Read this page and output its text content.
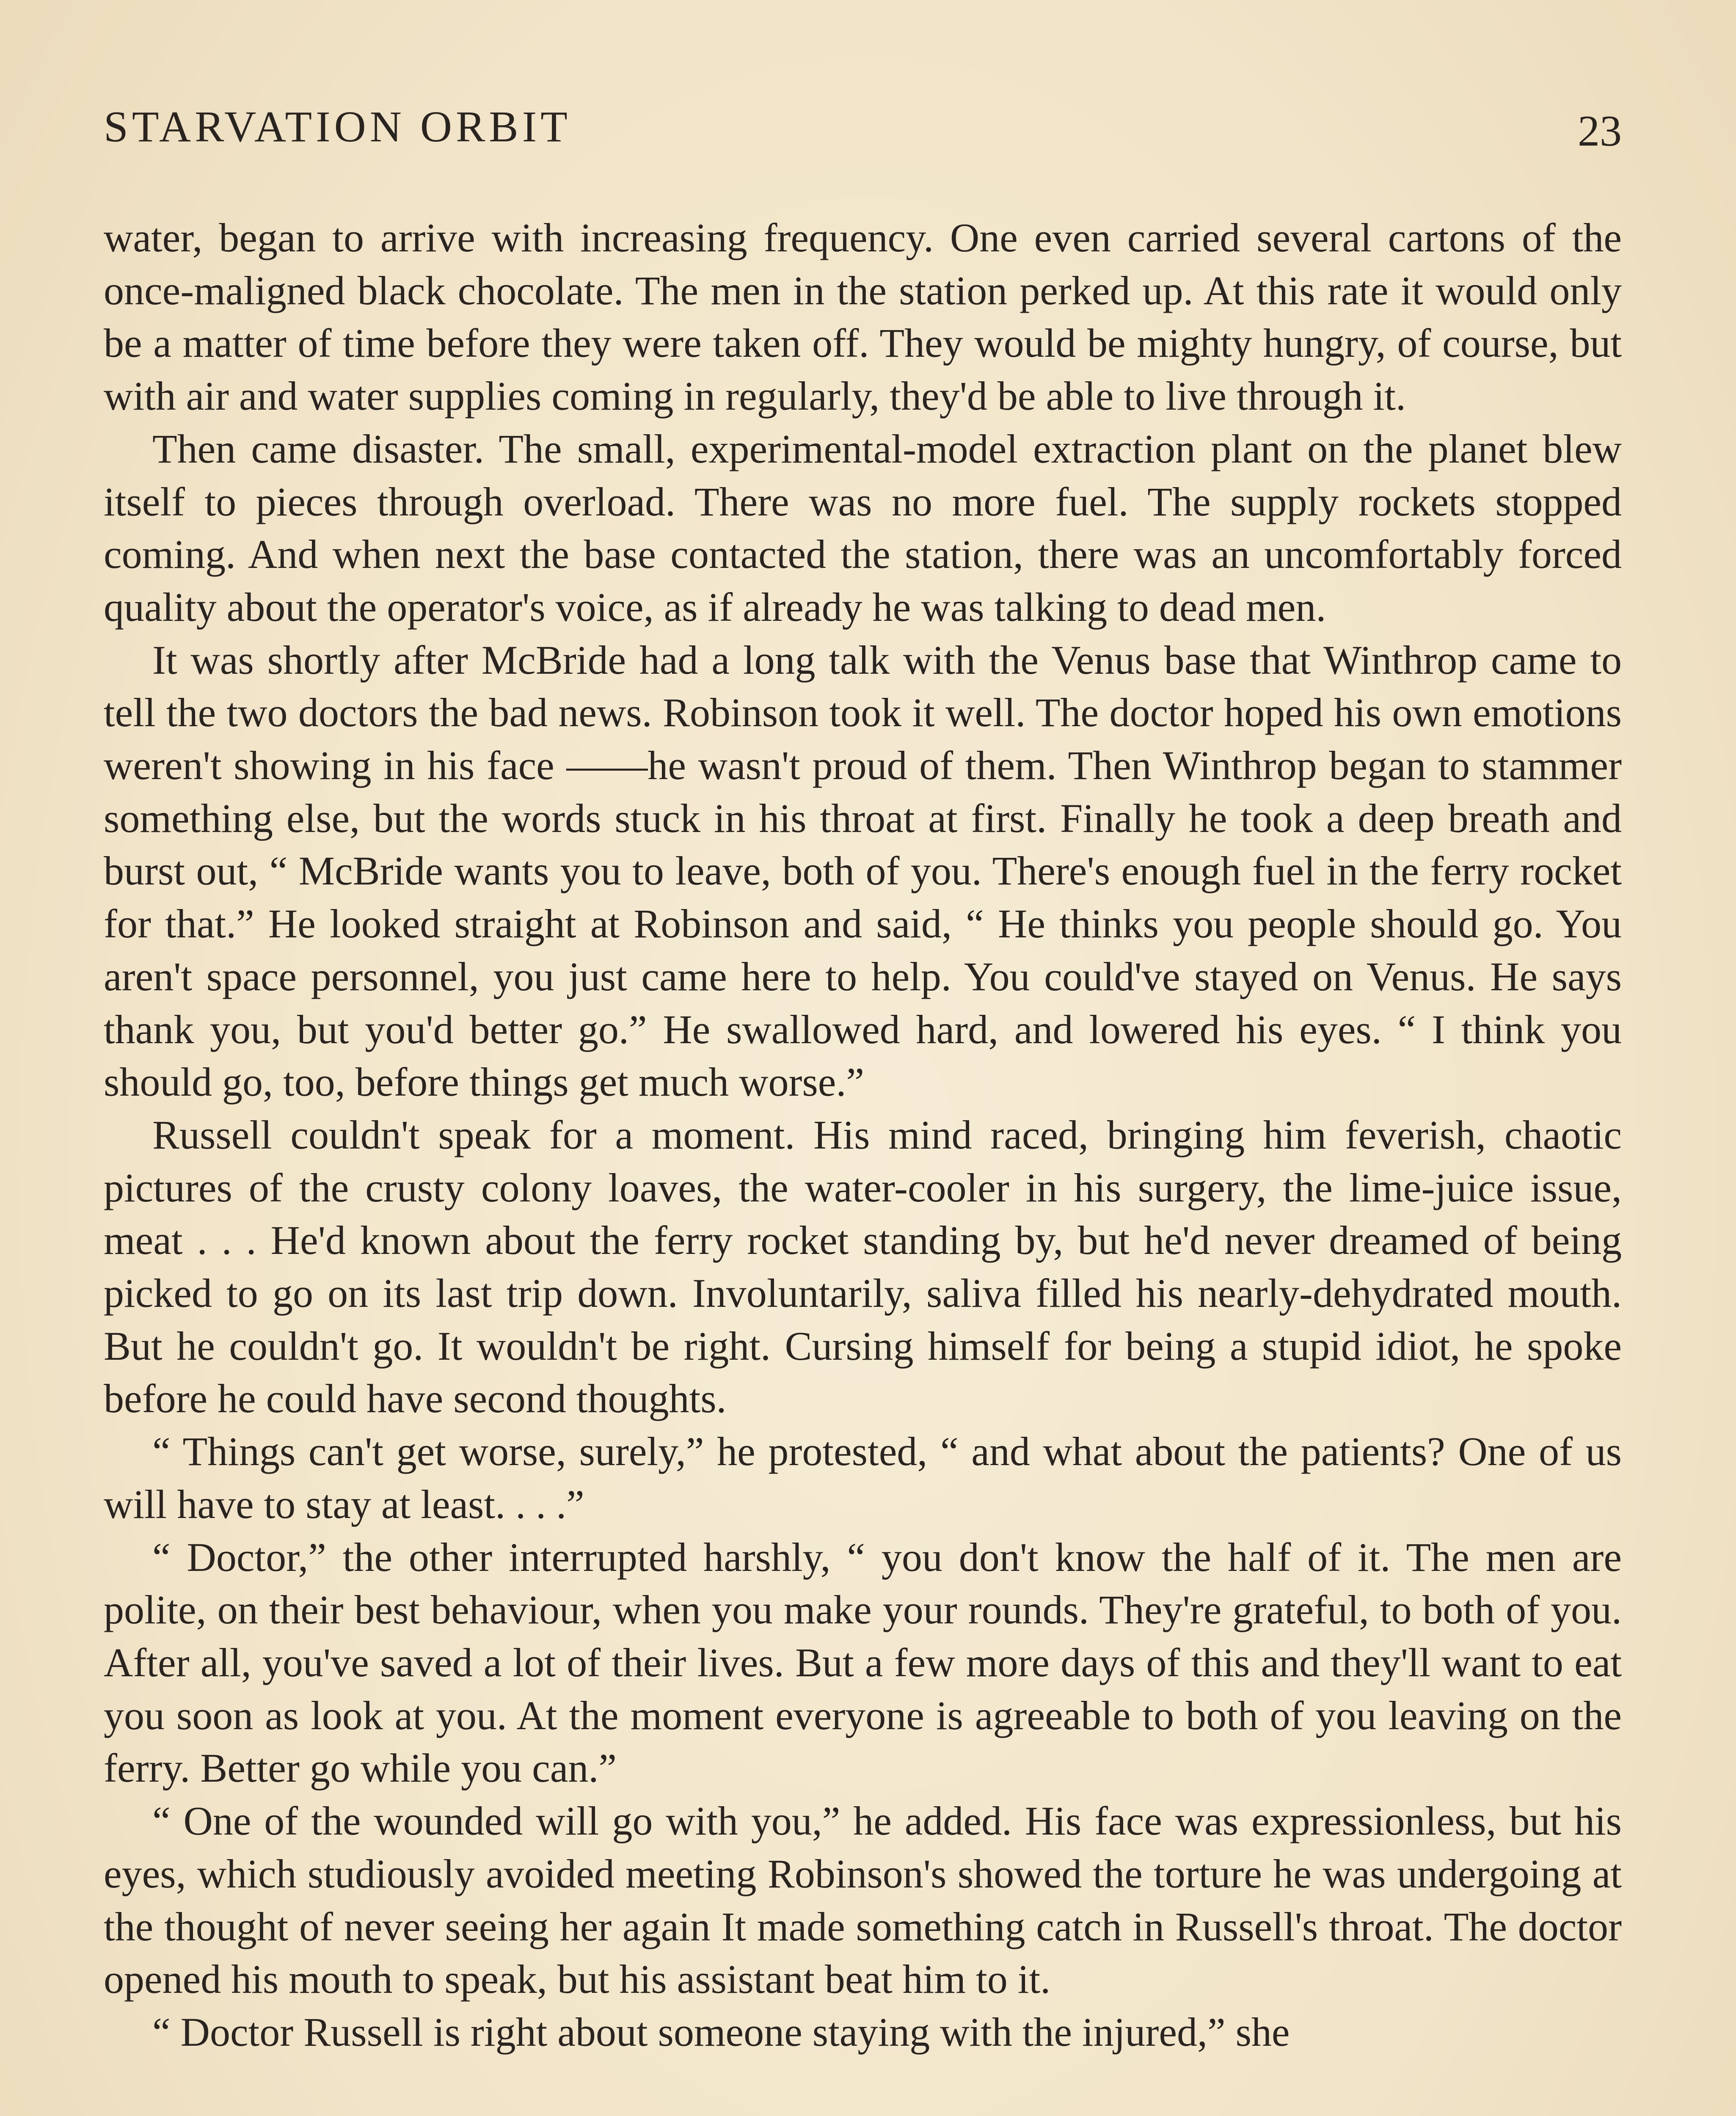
STARVATION ORBIT	23

water, began to arrive with increasing frequency. One even carried several cartons of the once-maligned black chocolate. The men in the station perked up. At this rate it would only be a matter of time before they were taken off. They would be mighty hungry, of course, but with air and water supplies coming in regularly, they'd be able to live through it.

Then came disaster. The small, experimental-model extraction plant on the planet blew itself to pieces through overload. There was no more fuel. The supply rockets stopped coming. And when next the base contacted the station, there was an uncomfortably forced quality about the operator's voice, as if already he was talking to dead men.

It was shortly after McBride had a long talk with the Venus base that Winthrop came to tell the two doctors the bad news. Robinson took it well. The doctor hoped his own emotions weren't showing in his face ——he wasn't proud of them. Then Winthrop began to stammer something else, but the words stuck in his throat at first. Finally he took a deep breath and burst out, “ McBride wants you to leave, both of you. There's enough fuel in the ferry rocket for that.” He looked straight at Robinson and said, “ He thinks you people should go. You aren't space personnel, you just came here to help. You could've stayed on Venus. He says thank you, but you'd better go.” He swallowed hard, and lowered his eyes. “ I think you should go, too, before things get much worse.”

Russell couldn't speak for a moment. His mind raced, bringing him feverish, chaotic pictures of the crusty colony loaves, the water-cooler in his surgery, the lime-juice issue, meat . . . He'd known about the ferry rocket standing by, but he'd never dreamed of being picked to go on its last trip down. Involuntarily, saliva filled his nearly-dehydrated mouth. But he couldn't go. It wouldn't be right. Cursing himself for being a stupid idiot, he spoke before he could have second thoughts.

“ Things can't get worse, surely,” he protested, “ and what about the patients? One of us will have to stay at least. . . .”

“ Doctor,” the other interrupted harshly, “ you don't know the half of it. The men are polite, on their best behaviour, when you make your rounds. They're grateful, to both of you. After all, you've saved a lot of their lives. But a few more days of this and they'll want to eat you soon as look at you. At the moment everyone is agreeable to both of you leaving on the ferry. Better go while you can.”

“ One of the wounded will go with you,” he added. His face was expressionless, but his eyes, which studiously avoided meeting Robinson's showed the torture he was undergoing at the thought of never seeing her again It made something catch in Russell's throat. The doctor opened his mouth to speak, but his assistant beat him to it.

“ Doctor Russell is right about someone staying with the injured,” she
